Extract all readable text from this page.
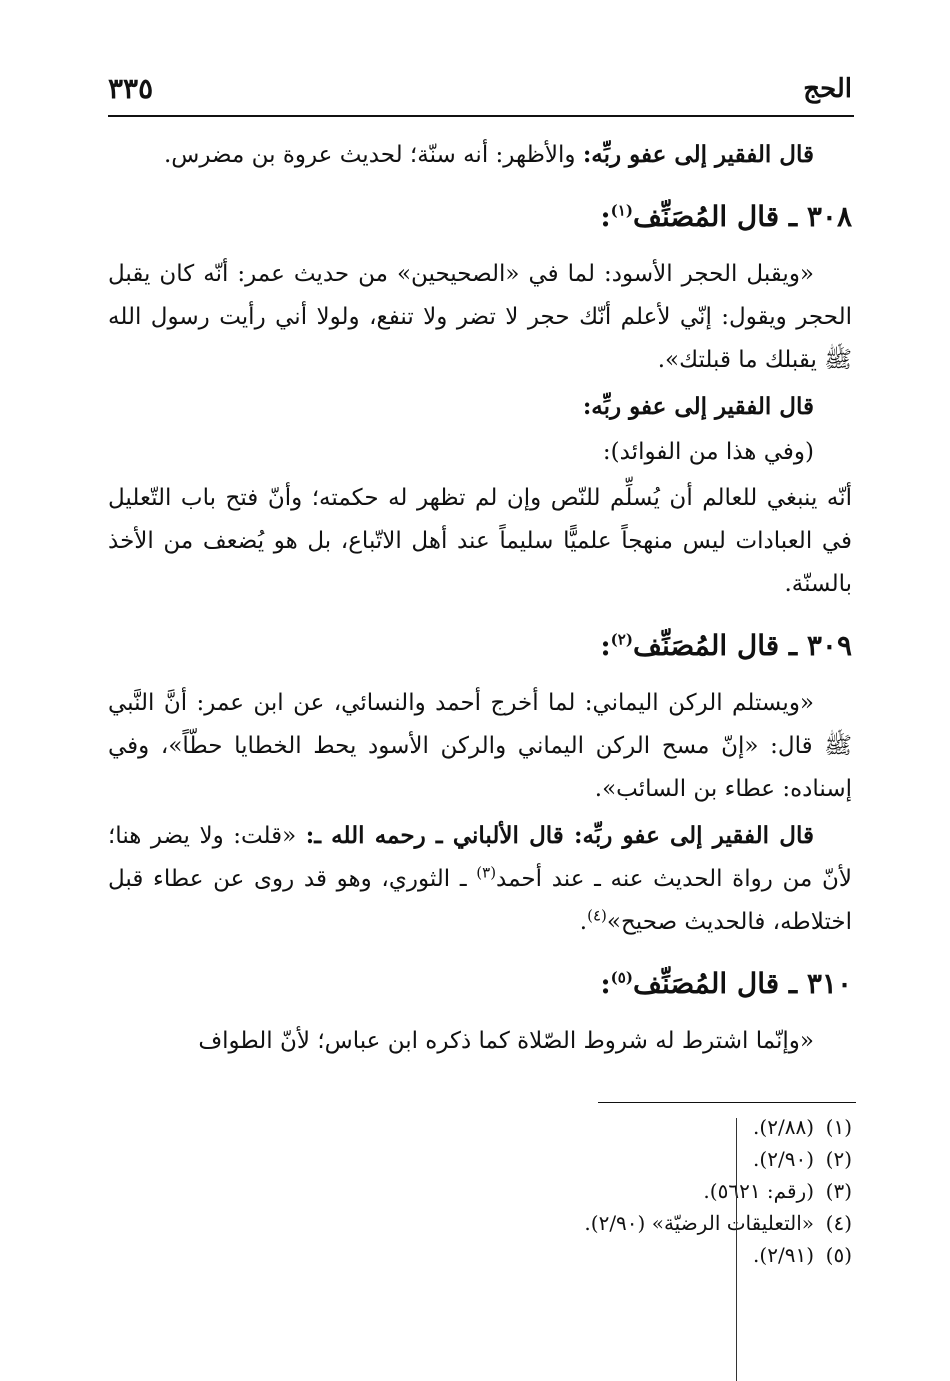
الحج
٣٣٥

قال الفقير إلى عفو ربِّه: والأظهر: أنه سنّة؛ لحديث عروة بن مضرس.

٣٠٨ ـ قال المُصَنِّف$^{(١)}$:

«ويقبل الحجر الأسود: لما في «الصحيحين» من حديث عمر: أنّه كان يقبل الحجر ويقول: إنّي لأعلم أنّك حجر لا تضر ولا تنفع، ولولا أني رأيت رسول الله ﷺ يقبلك ما قبلتك».

قال الفقير إلى عفو ربِّه:

(وفي هذا من الفوائد):

أنّه ينبغي للعالم أن يُسلِّم للنّص وإن لم تظهر له حكمته؛ وأنّ فتح باب التّعليل في العبادات ليس منهجاً علميًّا سليماً عند أهل الاتّباع، بل هو يُضعف من الأخذ بالسنّة.

٣٠٩ ـ قال المُصَنِّف$^{(٢)}$:

«ويستلم الركن اليماني: لما أخرج أحمد والنسائي، عن ابن عمر: أنَّ النَّبي ﷺ قال: «إنّ مسح الركن اليماني والركن الأسود يحط الخطايا حطّاً»، وفي إسناده: عطاء بن السائب».

قال الفقير إلى عفو ربِّه: قال الألباني ـ رحمه الله ـ: «قلت: ولا يضر هنا؛ لأنّ من رواة الحديث عنه ـ عند أحمد$^{(٣)}$ ـ الثوري، وهو قد روى عن عطاء قبل اختلاطه، فالحديث صحيح»$^{(٤)}$.

٣١٠ ـ قال المُصَنِّف$^{(٥)}$:

«وإنّما اشترط له شروط الصّلاة كما ذكره ابن عباس؛ لأنّ الطواف

(١)(٢/٨٨).
(٢)(٢/٩٠).
(٣)(رقم: ٥٦٢١).
(٤)«التعليقات الرضيّة» (٢/٩٠).
(٥)(٢/٩١).
